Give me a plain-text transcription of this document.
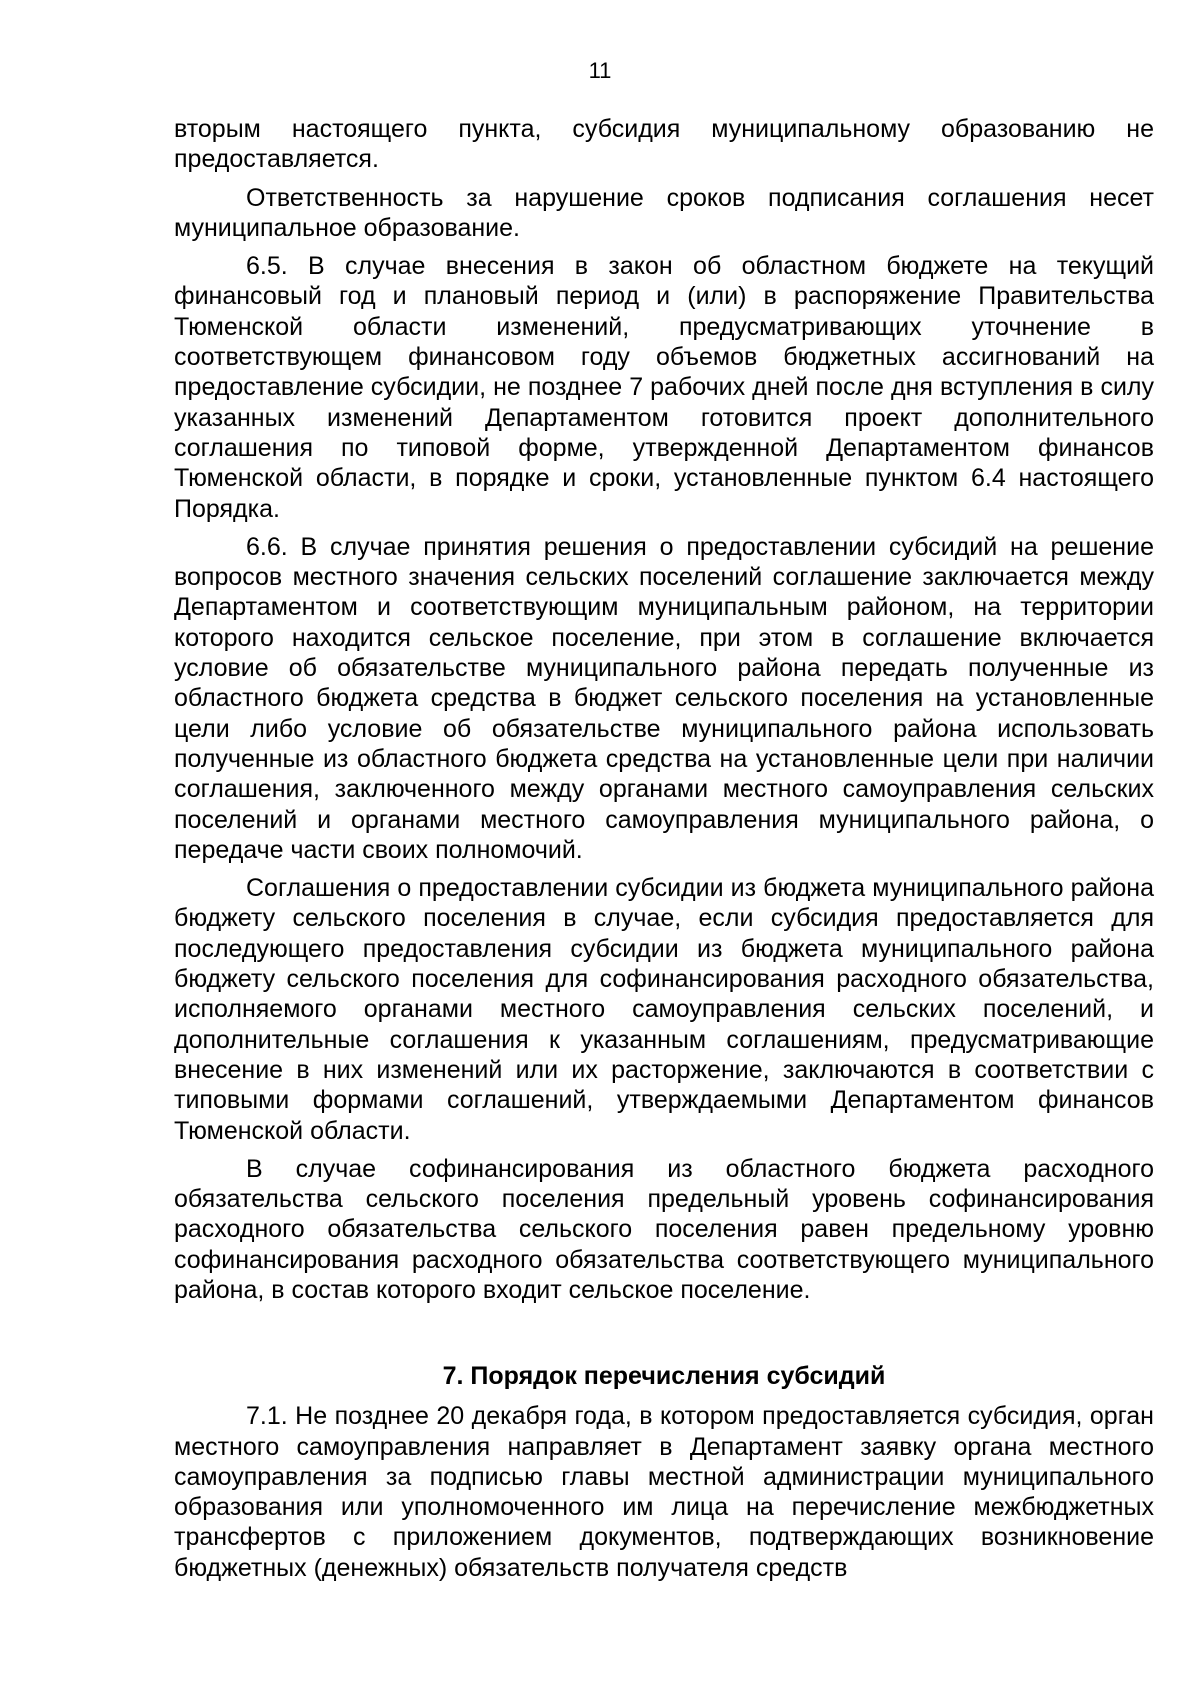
11

вторым настоящего пункта, субсидия муниципальному образованию не предоставляется.

Ответственность за нарушение сроков подписания соглашения несет муниципальное образование.

6.5. В случае внесения в закон об областном бюджете на текущий финансовый год и плановый период и (или) в распоряжение Правительства Тюменской области изменений, предусматривающих уточнение в соответствующем финансовом году объемов бюджетных ассигнований на предоставление субсидии, не позднее 7 рабочих дней после дня вступления в силу указанных изменений Департаментом готовится проект дополнительного соглашения по типовой форме, утвержденной Департаментом финансов Тюменской области, в порядке и сроки, установленные пунктом 6.4 настоящего Порядка.

6.6. В случае принятия решения о предоставлении субсидий на решение вопросов местного значения сельских поселений соглашение заключается между Департаментом и соответствующим муниципальным районом, на территории которого находится сельское поселение, при этом в соглашение включается условие об обязательстве муниципального района передать полученные из областного бюджета средства в бюджет сельского поселения на установленные цели либо условие об обязательстве муниципального района использовать полученные из областного бюджета средства на установленные цели при наличии соглашения, заключенного между органами местного самоуправления сельских поселений и органами местного самоуправления муниципального района, о передаче части своих полномочий.

Соглашения о предоставлении субсидии из бюджета муниципального района бюджету сельского поселения в случае, если субсидия предоставляется для последующего предоставления субсидии из бюджета муниципального района бюджету сельского поселения для софинансирования расходного обязательства, исполняемого органами местного самоуправления сельских поселений, и дополнительные соглашения к указанным соглашениям, предусматривающие внесение в них изменений или их расторжение, заключаются в соответствии с типовыми формами соглашений, утверждаемыми Департаментом финансов Тюменской области.

В случае софинансирования из областного бюджета расходного обязательства сельского поселения предельный уровень софинансирования расходного обязательства сельского поселения равен предельному уровню софинансирования расходного обязательства соответствующего муниципального района, в состав которого входит сельское поселение.

7. Порядок перечисления субсидий

7.1. Не позднее 20 декабря года, в котором предоставляется субсидия, орган местного самоуправления направляет в Департамент заявку органа местного самоуправления за подписью главы местной администрации муниципального образования или уполномоченного им лица на перечисление межбюджетных трансфертов с приложением документов, подтверждающих возникновение бюджетных (денежных) обязательств получателя средств
